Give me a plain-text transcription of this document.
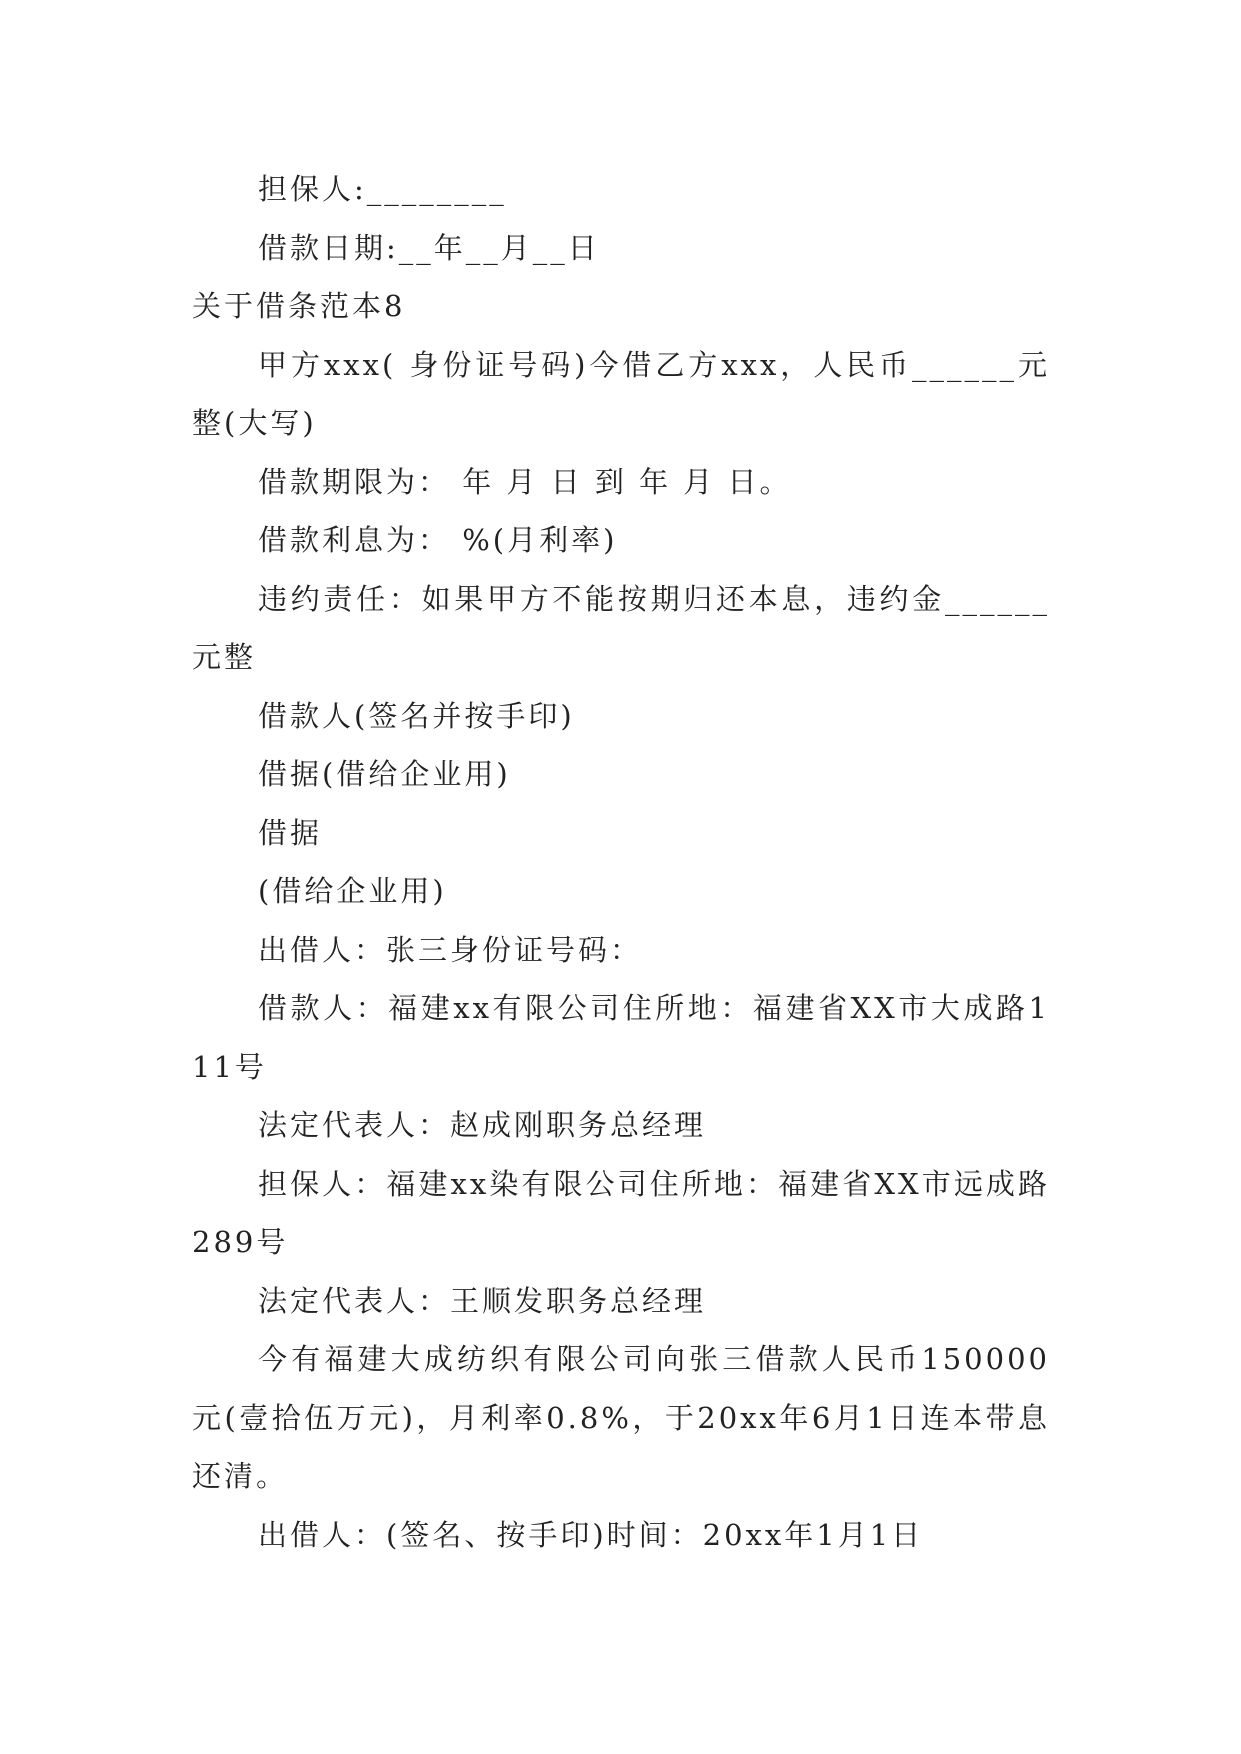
担保人:________

借款日期:__年__月__日

关于借条范本8

甲方xxx( 身份证号码)今借乙方xxx，人民币______元整(大写)

借款期限为： 年 月 日 到 年 月 日。

借款利息为： %(月利率)

违约责任：如果甲方不能按期归还本息，违约金______元整

借款人(签名并按手印)

借据(借给企业用)

借据

(借给企业用)

出借人：张三身份证号码：

借款人：福建xx有限公司住所地：福建省XX市大成路111号

法定代表人：赵成刚职务总经理

担保人：福建xx染有限公司住所地：福建省XX市远成路289号

法定代表人：王顺发职务总经理

今有福建大成纺织有限公司向张三借款人民币150000元(壹拾伍万元)，月利率0.8%，于20xx年6月1日连本带息还清。

出借人：(签名、按手印)时间：20xx年1月1日
